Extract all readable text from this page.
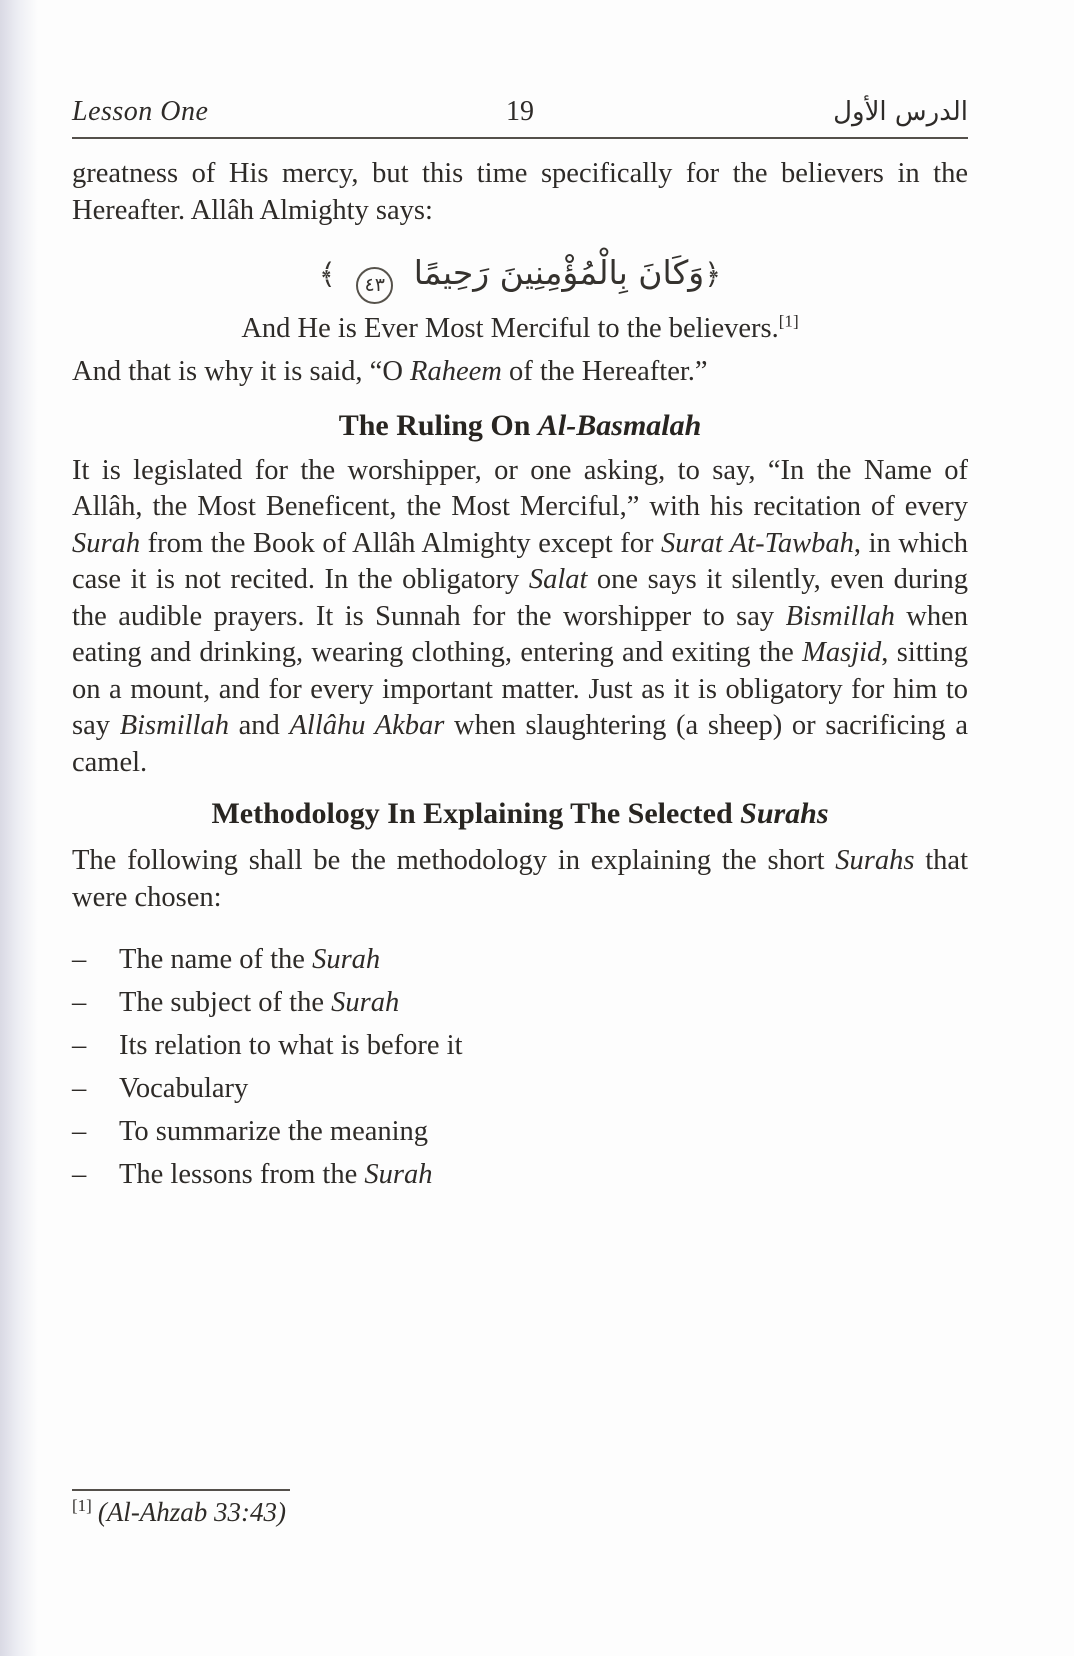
Lesson One	19	الدرس الأول

greatness of His mercy, but this time specifically for the believers in the Hereafter. Allâh Almighty says:

﴿وَكَانَ بِالْمُؤْمِنِينَ رَحِيمًا ٤٣ ﴾

And He is Ever Most Merciful to the believers.[1]

And that is why it is said, “O Raheem of the Hereafter.”

The Ruling On Al-Basmalah

It is legislated for the worshipper, or one asking, to say, “In the Name of Allâh, the Most Beneficent, the Most Merciful,” with his recitation of every Surah from the Book of Allâh Almighty except for Surat At-Tawbah, in which case it is not recited. In the obligatory Salat one says it silently, even during the audible prayers. It is Sunnah for the worshipper to say Bismillah when eating and drinking, wearing clothing, entering and exiting the Masjid, sitting on a mount, and for every important matter. Just as it is obligatory for him to say Bismillah and Allâhu Akbar when slaughtering (a sheep) or sacrificing a camel.

Methodology In Explaining The Selected Surahs

The following shall be the methodology in explaining the short Surahs that were chosen:

–	The name of the Surah
–	The subject of the Surah
–	Its relation to what is before it
–	Vocabulary
–	To summarize the meaning
–	The lessons from the Surah

[1] (Al-Ahzab 33:43)
